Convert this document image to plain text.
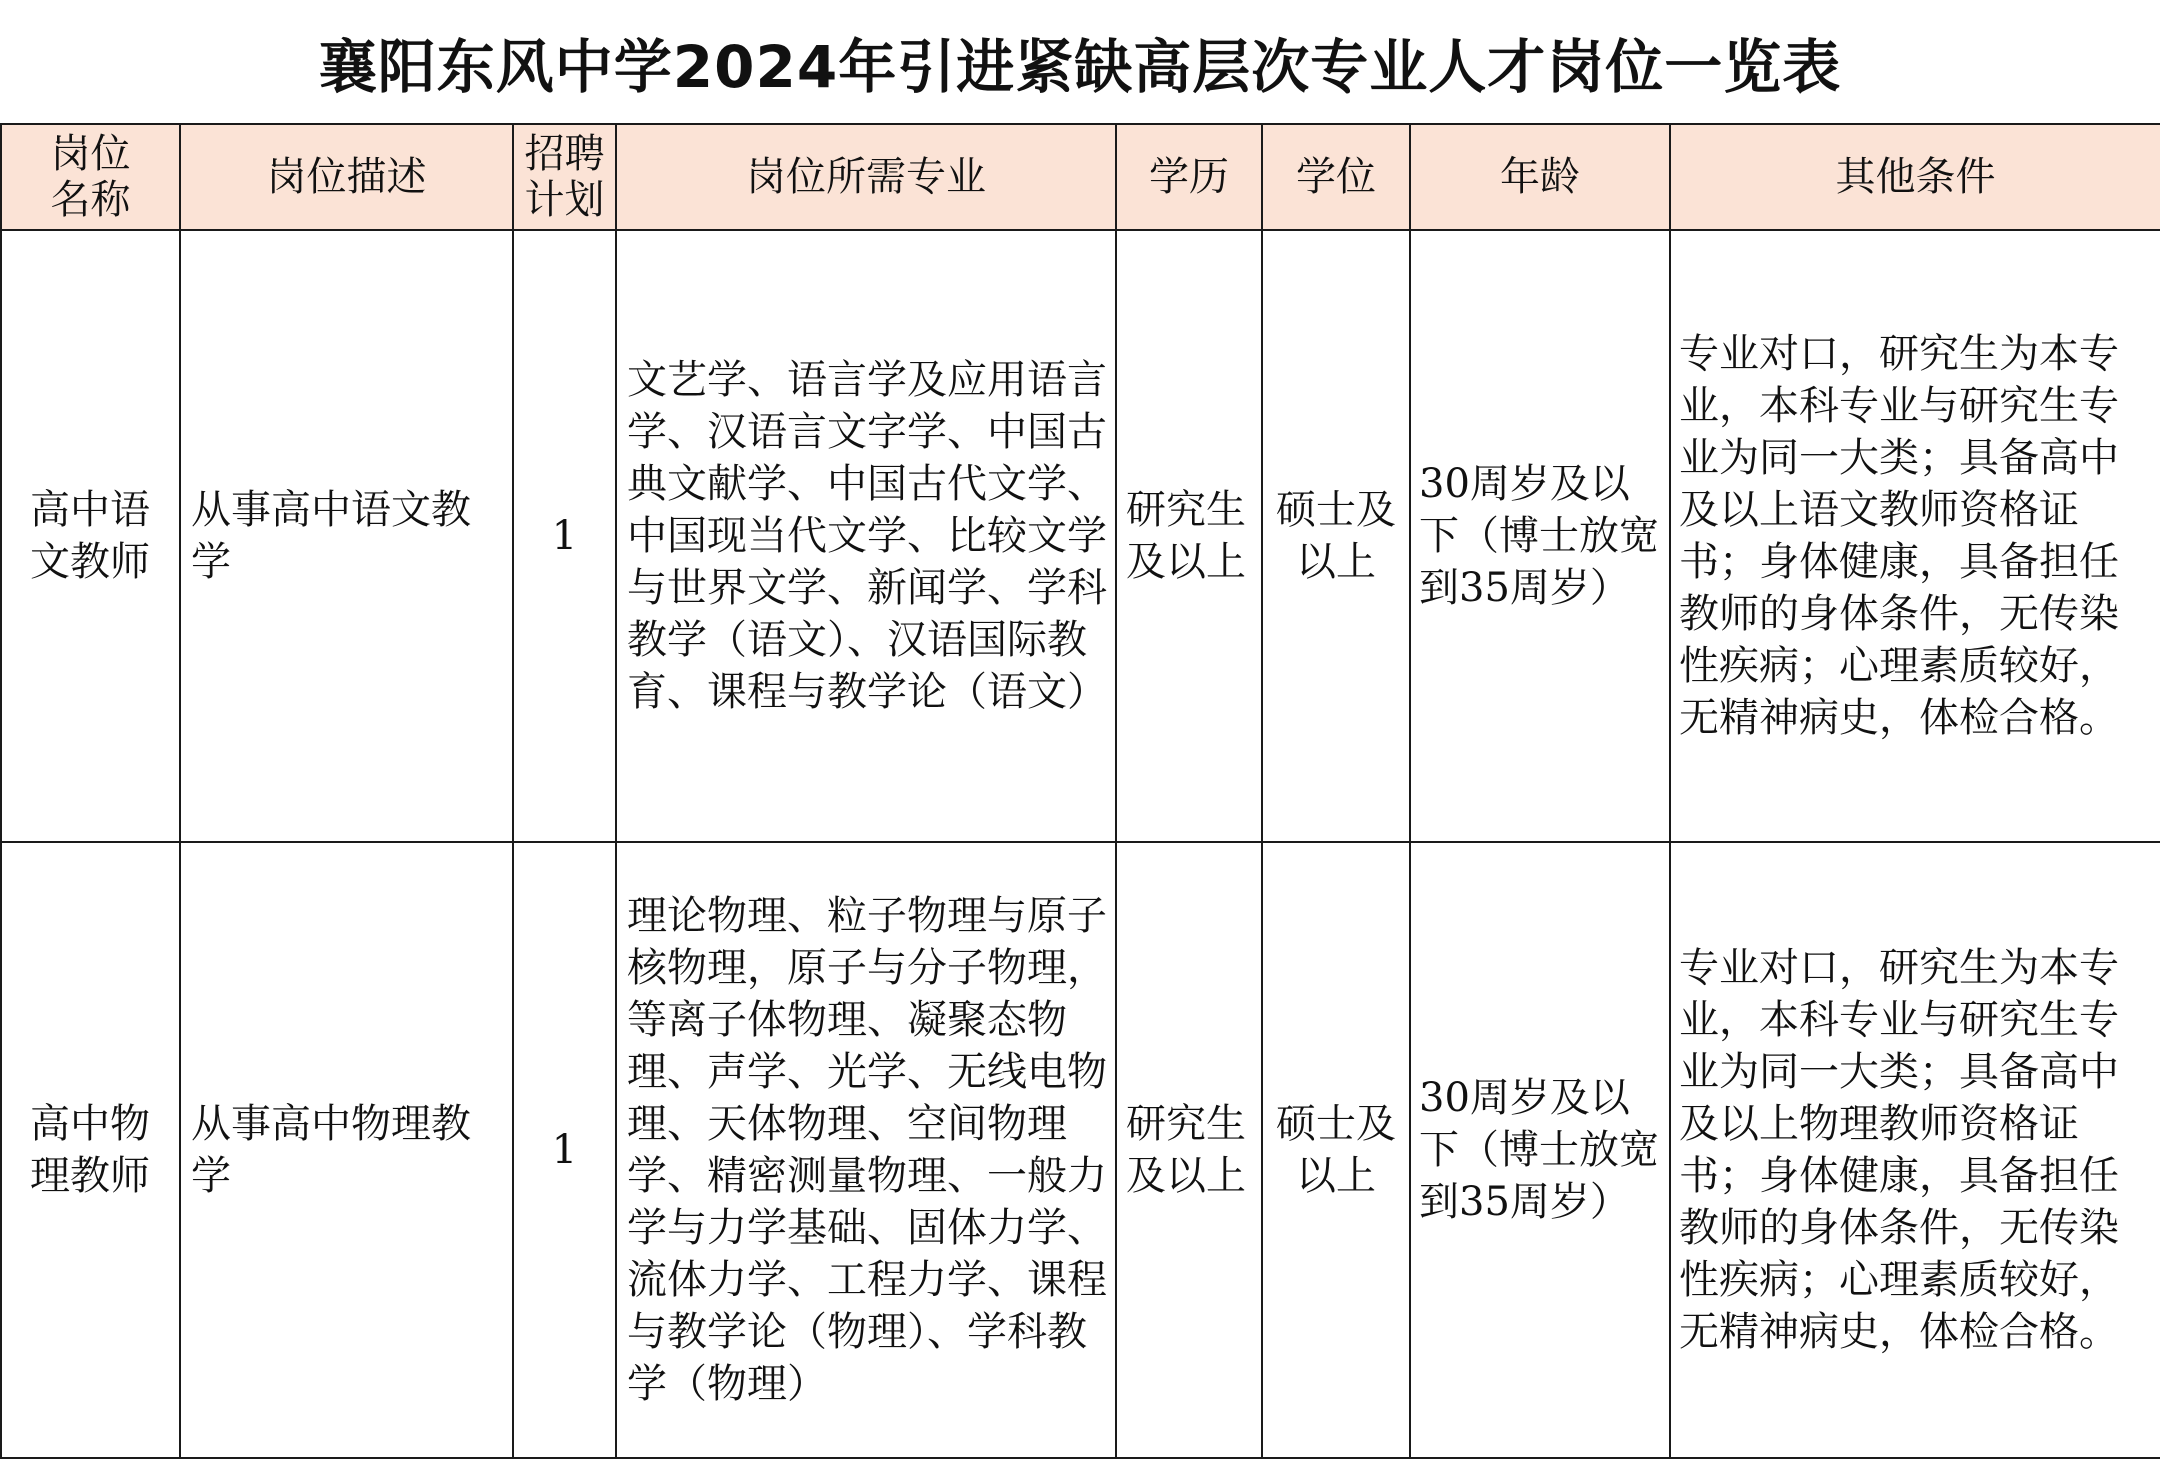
襄阳东风中学2024年引进紧缺高层次专业人才岗位一览表
岗位名称	岗位描述	招聘计划	岗位所需专业	学历	学位	年龄	其他条件

高中语文教师	从事高中语文教学	1	文艺学、语言学及应用语言学、汉语言文字学、中国古典文献学、中国古代文学、中国现当代文学、比较文学与世界文学、新闻学、学科教学（语文）、汉语国际教育、课程与教学论（语文）	研究生及以上	硕士及以上	30周岁及以下（博士放宽到35周岁）	专业对口，研究生为本专业，本科专业与研究生专业为同一大类；具备高中及以上语文教师资格证书；身体健康，具备担任教师的身体条件，无传染性疾病；心理素质较好，无精神病史，体检合格。

高中物理教师	从事高中物理教学	1	理论物理、粒子物理与原子核物理，原子与分子物理，等离子体物理、凝聚态物理、声学、光学、无线电物理、天体物理、空间物理学、精密测量物理、一般力学与力学基础、固体力学、流体力学、工程力学、课程与教学论（物理）、学科教学（物理）	研究生及以上	硕士及以上	30周岁及以下（博士放宽到35周岁）	专业对口，研究生为本专业，本科专业与研究生专业为同一大类；具备高中及以上物理教师资格证书；身体健康，具备担任教师的身体条件，无传染性疾病；心理素质较好，无精神病史，体检合格。
